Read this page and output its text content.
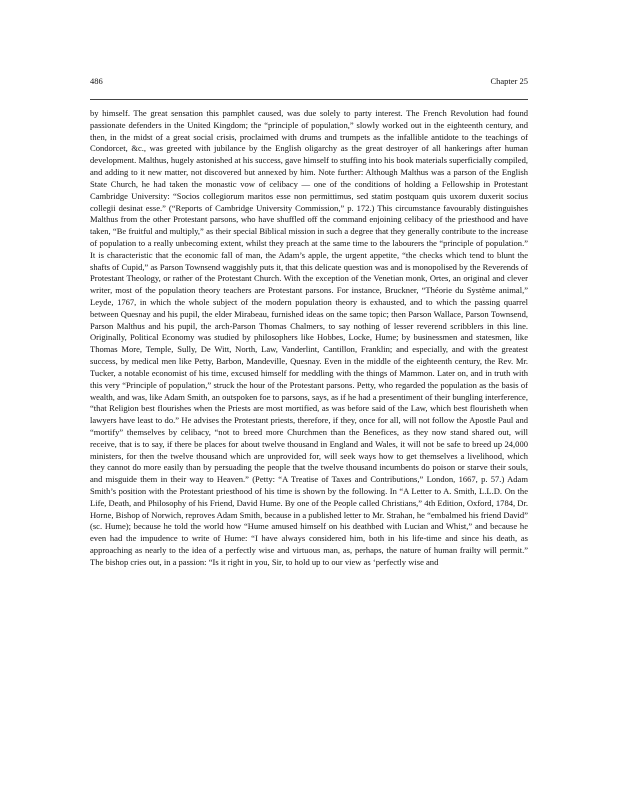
486	Chapter 25

by himself. The great sensation this pamphlet caused, was due solely to party interest. The French Revolution had found passionate defenders in the United Kingdom; the “principle of population,” slowly worked out in the eighteenth century, and then, in the midst of a great social crisis, proclaimed with drums and trumpets as the infallible antidote to the teachings of Condorcet, &c., was greeted with jubilance by the English oligarchy as the great destroyer of all hankerings after human development. Malthus, hugely astonished at his success, gave himself to stuffing into his book materials superficially compiled, and adding to it new matter, not discovered but annexed by him. Note further: Although Malthus was a parson of the English State Church, he had taken the monastic vow of celibacy — one of the conditions of holding a Fellowship in Protestant Cambridge University: “Socios collegiorum maritos esse non permittimus, sed statim postquam quis uxorem duxerit socius collegii desinat esse.” (“Reports of Cambridge University Commission,” p. 172.) This circumstance favourably distinguishes Malthus from the other Protestant parsons, who have shuffled off the command enjoining celibacy of the priesthood and have taken, “Be fruitful and multiply,” as their special Biblical mission in such a degree that they generally contribute to the increase of population to a really unbecoming extent, whilst they preach at the same time to the labourers the “principle of population.” It is characteristic that the economic fall of man, the Adam’s apple, the urgent appetite, “the checks which tend to blunt the shafts of Cupid,” as Parson Townsend waggishly puts it, that this delicate question was and is monopolised by the Reverends of Protestant Theology, or rather of the Protestant Church. With the exception of the Venetian monk, Ortes, an original and clever writer, most of the population theory teachers are Protestant parsons. For instance, Bruckner, “Théorie du Système animal,” Leyde, 1767, in which the whole subject of the modern population theory is exhausted, and to which the passing quarrel between Quesnay and his pupil, the elder Mirabeau, furnished ideas on the same topic; then Parson Wallace, Parson Townsend, Parson Malthus and his pupil, the arch-Parson Thomas Chalmers, to say nothing of lesser reverend scribblers in this line. Originally, Political Economy was studied by philosophers like Hobbes, Locke, Hume; by businessmen and statesmen, like Thomas More, Temple, Sully, De Witt, North, Law, Vanderlint, Cantillon, Franklin; and especially, and with the greatest success, by medical men like Petty, Barbon, Mandeville, Quesnay. Even in the middle of the eighteenth century, the Rev. Mr. Tucker, a notable economist of his time, excused himself for meddling with the things of Mammon. Later on, and in truth with this very “Principle of population,” struck the hour of the Protestant parsons. Petty, who regarded the population as the basis of wealth, and was, like Adam Smith, an outspoken foe to parsons, says, as if he had a presentiment of their bungling interference, “that Religion best flourishes when the Priests are most mortified, as was before said of the Law, which best flourisheth when lawyers have least to do.” He advises the Protestant priests, therefore, if they, once for all, will not follow the Apostle Paul and “mortify” themselves by celibacy, “not to breed more Churchmen than the Benefices, as they now stand shared out, will receive, that is to say, if there be places for about twelve thousand in England and Wales, it will not be safe to breed up 24,000 ministers, for then the twelve thousand which are unprovided for, will seek ways how to get themselves a livelihood, which they cannot do more easily than by persuading the people that the twelve thousand incumbents do poison or starve their souls, and misguide them in their way to Heaven.” (Petty: “A Treatise of Taxes and Contributions,” London, 1667, p. 57.) Adam Smith’s position with the Protestant priesthood of his time is shown by the following. In “A Letter to A. Smith, L.L.D. On the Life, Death, and Philosophy of his Friend, David Hume. By one of the People called Christians,” 4th Edition, Oxford, 1784, Dr. Horne, Bishop of Norwich, reproves Adam Smith, because in a published letter to Mr. Strahan, he “embalmed his friend David” (sc. Hume); because he told the world how “Hume amused himself on his deathbed with Lucian and Whist,” and because he even had the impudence to write of Hume: “I have always considered him, both in his life-time and since his death, as approaching as nearly to the idea of a perfectly wise and virtuous man, as, perhaps, the nature of human frailty will permit.” The bishop cries out, in a passion: “Is it right in you, Sir, to hold up to our view as ‘perfectly wise and
